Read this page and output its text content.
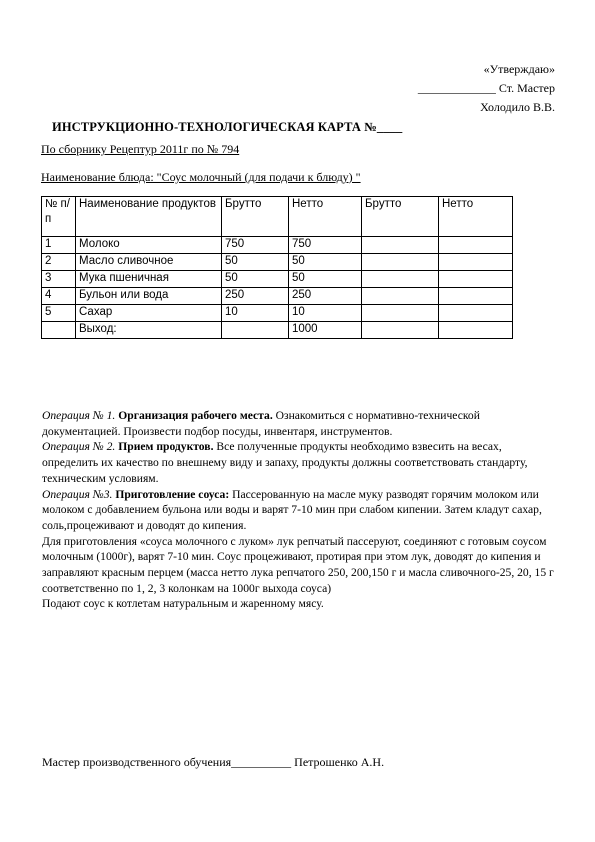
«Утверждаю»
_____________ Ст. Мастер
Холодило В.В.
ИНСТРУКЦИОННО-ТЕХНОЛОГИЧЕСКАЯ КАРТА №____
По сборнику Рецептур 2011г по № 794
Наименование блюда: "Соус молочный (для подачи к блюду) "
№ п/п	Наименование продуктов	Брутто	Нетто	Брутто	Нетто
1	Молоко	750	750		
2	Масло сливочное	50	50		
3	Мука пшеничная	50	50		
4	Бульон или вода	250	250		
5	Сахар	10	10		
	Выход:		1000		

Операция № 1. Организация рабочего места. Ознакомиться с нормативно-технической документацией. Произвести подбор посуды, инвентаря, инструментов.

Операция № 2. Прием продуктов. Все полученные продукты необходимо взвесить на весах, определить их качество по внешнему виду и запаху, продукты должны соответствовать стандарту, техническим условиям.

Операция №3. Приготовление соуса: Пассерованную на масле муку разводят горячим молоком или молоком с добавлением бульона или воды и варят 7-10 мин при слабом кипении. Затем кладут сахар, соль,процеживают и доводят до кипения.

Для приготовления «соуса молочного с луком» лук репчатый пассеруют, соединяют с готовым соусом молочным (1000г), варят 7-10 мин. Соус процеживают, протирая при этом лук, доводят до кипения и заправляют красным перцем (масса нетто лука репчатого 250, 200,150 г и масла сливочного-25, 20, 15 г соответственно по 1, 2, 3 колонкам на 1000г выхода соуса)

Подают соус к котлетам натуральным и жаренному мясу.

Мастер производственного обучения__________ Петрошенко А.Н.
